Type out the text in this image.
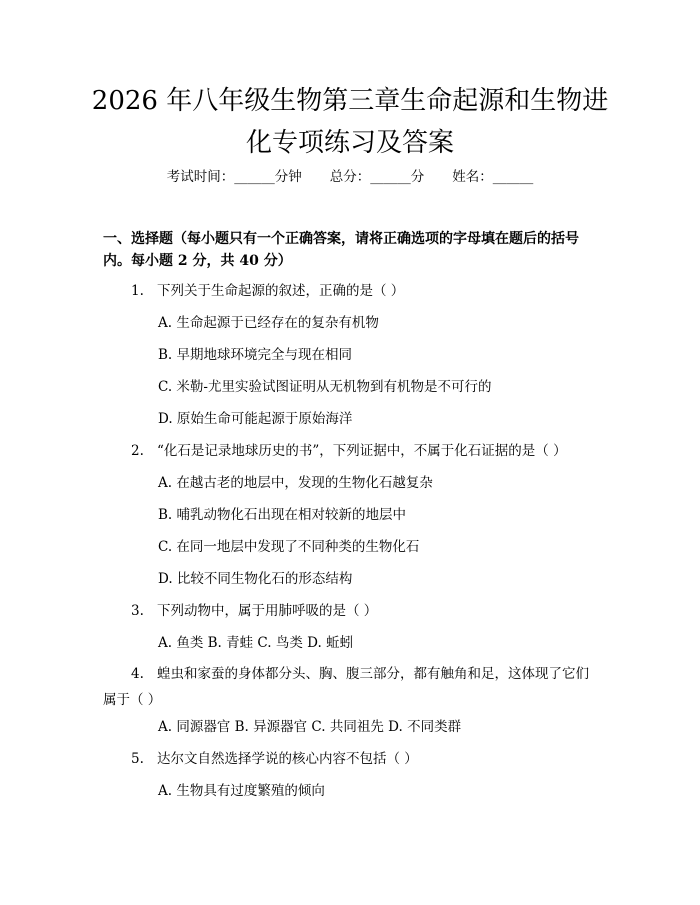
2026 年八年级生物第三章生命起源和生物进
化专项练习及答案
考试时间：______分钟 总分：______分 姓名：______
一、选择题（每小题只有一个正确答案，请将正确选项的字母填在题后的括号
内。每小题 2 分，共 40 分）
1. 下列关于生命起源的叙述，正确的是（ ）
A. 生命起源于已经存在的复杂有机物
B. 早期地球环境完全与现在相同
C. 米勒-尤里实验试图证明从无机物到有机物是不可行的
D. 原始生命可能起源于原始海洋
2. “化石是记录地球历史的书”，下列证据中，不属于化石证据的是（ ）
A. 在越古老的地层中，发现的生物化石越复杂
B. 哺乳动物化石出现在相对较新的地层中
C. 在同一地层中发现了不同种类的生物化石
D. 比较不同生物化石的形态结构
3. 下列动物中，属于用肺呼吸的是（ ）
A. 鱼类 B. 青蛙 C. 鸟类 D. 蚯蚓
4. 蝗虫和家蚕的身体都分头、胸、腹三部分，都有触角和足，这体现了它们
属于（ ）
A. 同源器官 B. 异源器官 C. 共同祖先 D. 不同类群
5. 达尔文自然选择学说的核心内容不包括（ ）
A. 生物具有过度繁殖的倾向
